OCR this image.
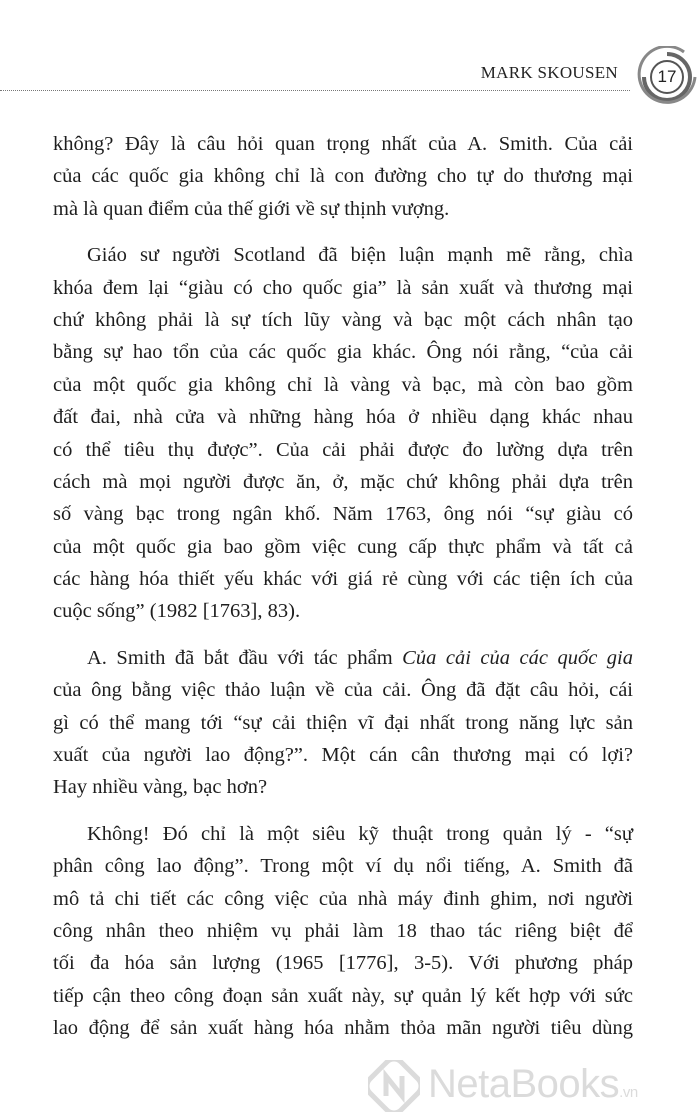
MARK SKOUSEN	17
không? Đây là câu hỏi quan trọng nhất của A. Smith. Của cải
của các quốc gia không chỉ là con đường cho tự do thương mại
mà là quan điểm của thế giới về sự thịnh vượng.
Giáo sư người Scotland đã biện luận mạnh mẽ rằng, chìa
khóa đem lại “giàu có cho quốc gia” là sản xuất và thương mại
chứ không phải là sự tích lũy vàng và bạc một cách nhân tạo
bằng sự hao tổn của các quốc gia khác. Ông nói rằng, “của cải
của một quốc gia không chỉ là vàng và bạc, mà còn bao gồm
đất đai, nhà cửa và những hàng hóa ở nhiều dạng khác nhau
có thể tiêu thụ được”. Của cải phải được đo lường dựa trên
cách mà mọi người được ăn, ở, mặc chứ không phải dựa trên
số vàng bạc trong ngân khố. Năm 1763, ông nói “sự giàu có
của một quốc gia bao gồm việc cung cấp thực phẩm và tất cả
các hàng hóa thiết yếu khác với giá rẻ cùng với các tiện ích của
cuộc sống” (1982 [1763], 83).
A. Smith đã bắt đầu với tác phẩm Của cải của các quốc gia
của ông bằng việc thảo luận về của cải. Ông đã đặt câu hỏi, cái
gì có thể mang tới “sự cải thiện vĩ đại nhất trong năng lực sản
xuất của người lao động?”. Một cán cân thương mại có lợi?
Hay nhiều vàng, bạc hơn?
Không! Đó chỉ là một siêu kỹ thuật trong quản lý - “sự
phân công lao động”. Trong một ví dụ nổi tiếng, A. Smith đã
mô tả chi tiết các công việc của nhà máy đinh ghim, nơi người
công nhân theo nhiệm vụ phải làm 18 thao tác riêng biệt để
tối đa hóa sản lượng (1965 [1776], 3-5). Với phương pháp
tiếp cận theo công đoạn sản xuất này, sự quản lý kết hợp với sức
lao động để sản xuất hàng hóa nhằm thỏa mãn người tiêu dùng
NetaBooks.vn
